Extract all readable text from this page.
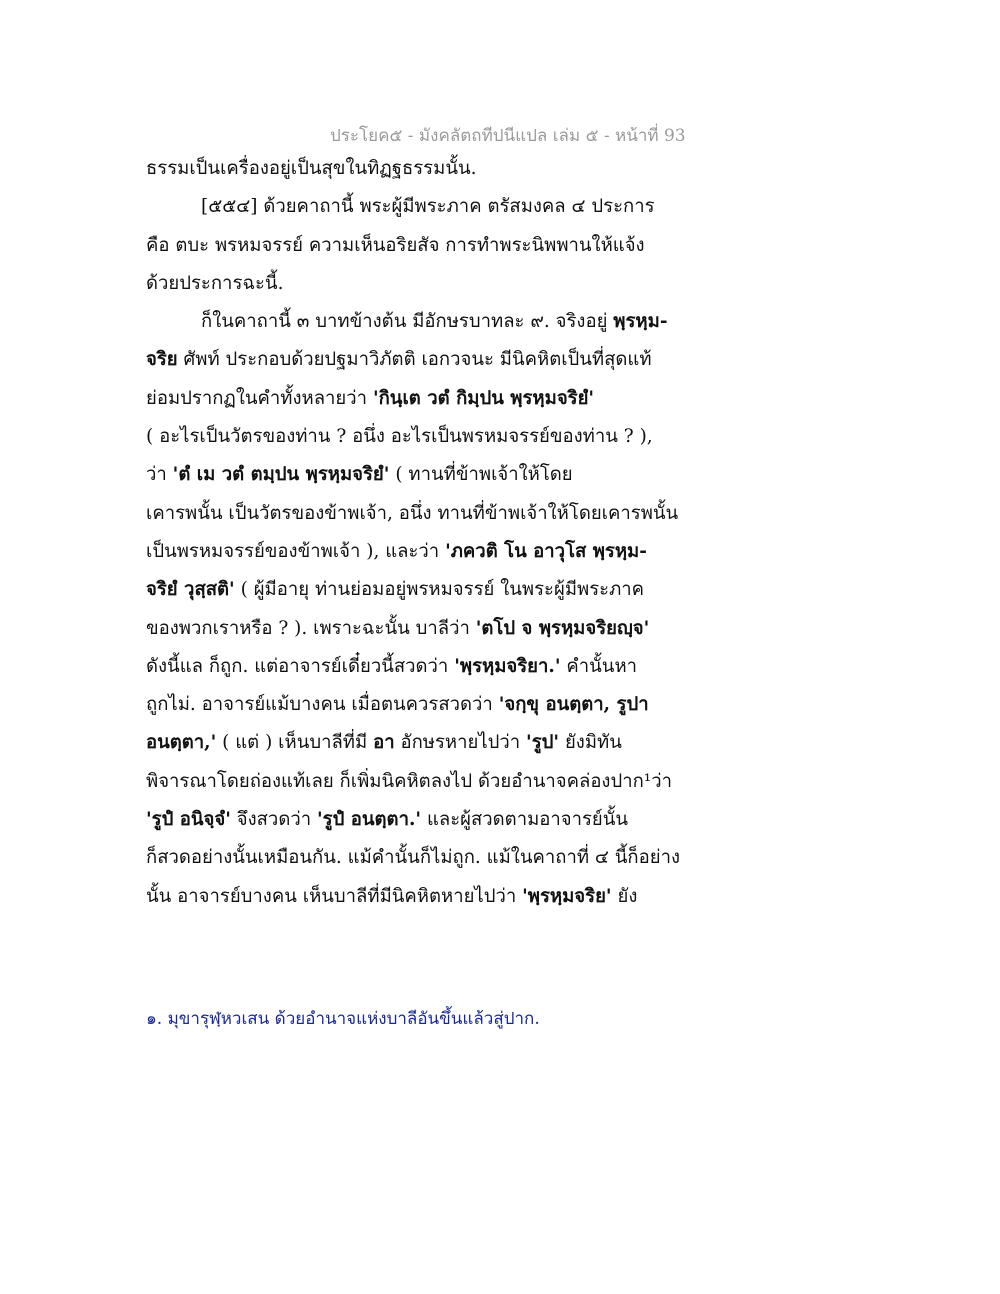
ประโยค๕ - มังคลัตถทีปนีแปล เล่ม ๕ - หน้าที่ 93
ธรรมเป็นเครื่องอยู่เป็นสุขในทิฏฐธรรมนั้น.
[๕๕๔] ด้วยคาถานี้ พระผู้มีพระภาค ตรัสมงคล ๔ ประการ
คือ ตบะ พรหมจรรย์ ความเห็นอริยสัจ การทำพระนิพพานให้แจ้ง
ด้วยประการฉะนี้.
ก็ในคาถานี้ ๓ บาทข้างต้น มีอักษรบาทละ ๙. จริงอยู่ พฺรหฺม-
จริย ศัพท์ ประกอบด้วยปฐมาวิภัตติ เอกวจนะ มีนิคหิตเป็นที่สุดแท้
ย่อมปรากฏในคำทั้งหลายว่า 'กินฺเต วตํ กิมฺปน พฺรหฺมจริยํ'
( อะไรเป็นวัตรของท่าน ? อนึ่ง อะไรเป็นพรหมจรรย์ของท่าน ? ),
ว่า 'ตํ เม วตํ ตมฺปน พฺรหฺมจริยํ' ( ทานที่ข้าพเจ้าให้โดย
เคารพนั้น เป็นวัตรของข้าพเจ้า, อนึ่ง ทานที่ข้าพเจ้าให้โดยเคารพนั้น
เป็นพรหมจรรย์ของข้าพเจ้า ), และว่า 'ภควติ โน อาวุโส พฺรหฺม-
จริยํ วุสฺสติ' ( ผู้มีอายุ ท่านย่อมอยู่พรหมจรรย์ ในพระผู้มีพระภาค
ของพวกเราหรือ ? ). เพราะฉะนั้น บาลีว่า 'ตโป จ พฺรหฺมจริยญฺจ'
ดังนี้แล ก็ถูก. แต่อาจารย์เดี๋ยวนี้สวดว่า 'พฺรหฺมจริยา.' คำนั้นหา
ถูกไม่. อาจารย์แม้บางคน เมื่อตนควรสวดว่า 'จกฺขุ อนตฺตา, รูปา
อนตฺตา,' ( แต่ ) เห็นบาลีที่มี อา อักษรหายไปว่า 'รูป' ยังมิทัน
พิจารณาโดยถ่องแท้เลย ก็เพิ่มนิคหิตลงไป ด้วยอำนาจคล่องปาก¹ว่า
'รูปํ อนิจฺจํ' จึงสวดว่า 'รูปํ อนตฺตา.' และผู้สวดตามอาจารย์นั้น
ก็สวดอย่างนั้นเหมือนกัน. แม้คำนั้นก็ไม่ถูก. แม้ในคาถาที่ ๔ นี้ก็อย่าง
นั้น อาจารย์บางคน เห็นบาลีที่มีนิคหิตหายไปว่า 'พฺรหฺมจริย' ยัง
๑. มุขารุฬฺหวเสน ด้วยอำนาจแห่งบาลีอันขึ้นแล้วสู่ปาก.
